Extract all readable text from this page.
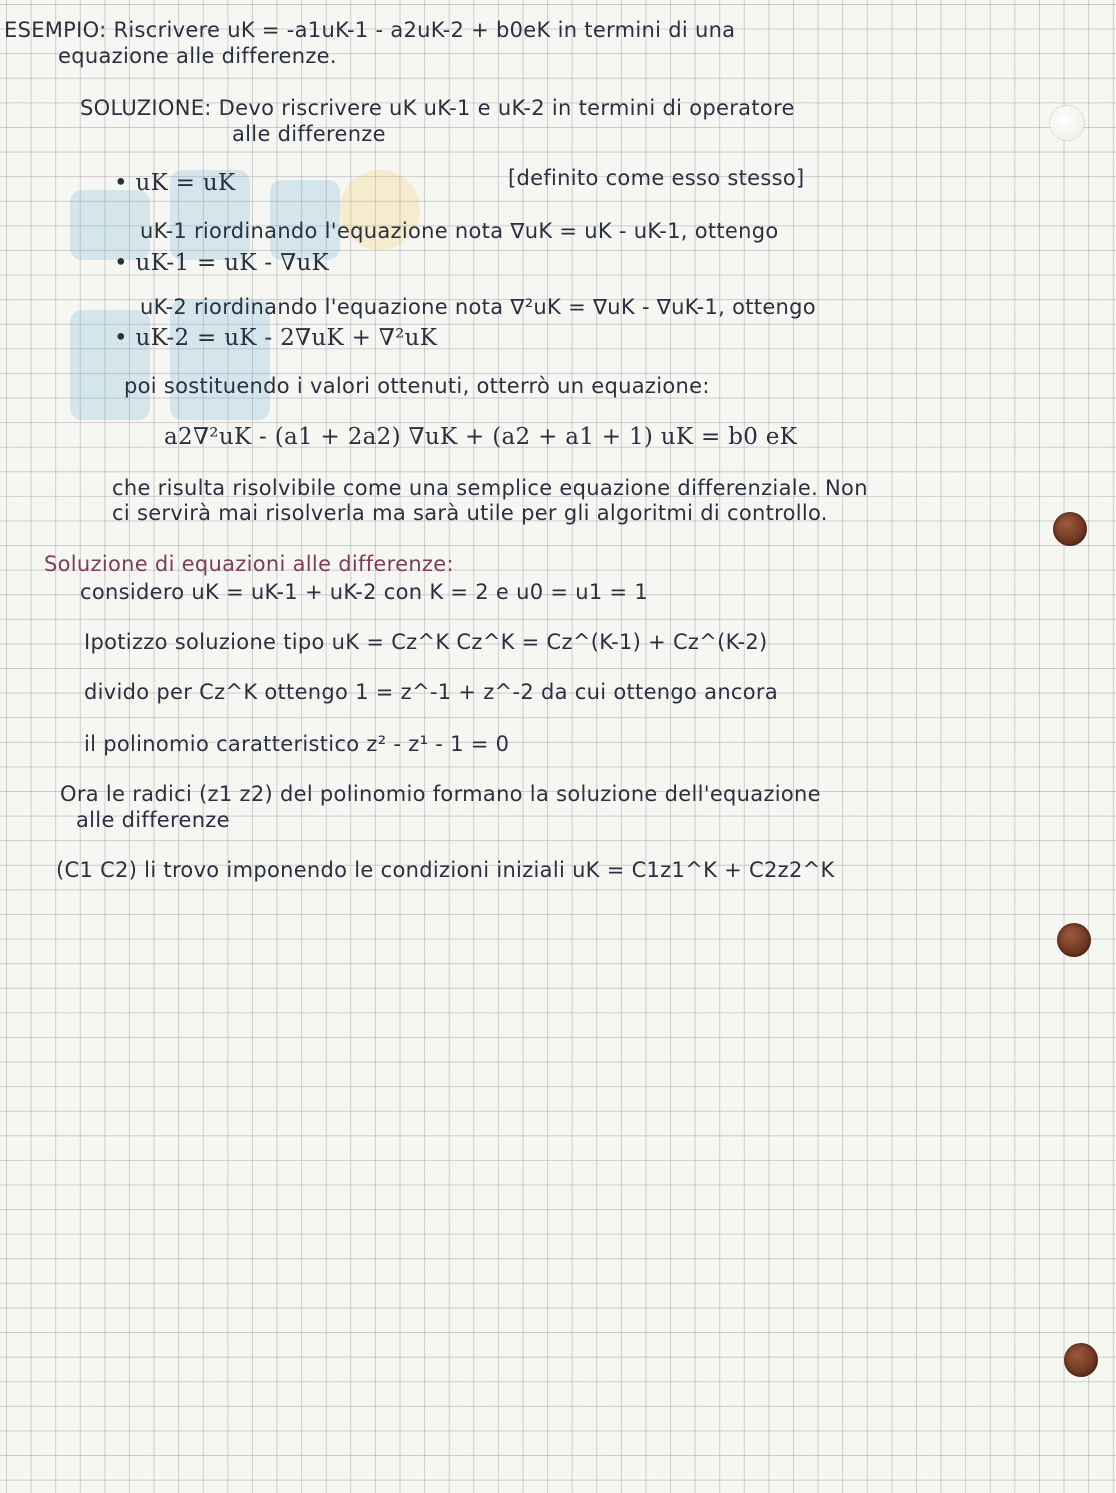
ESEMPIO: Riscrivere uK = -a1uK-1 - a2uK-2 + b0eK in termini di una
equazione alle differenze.
SOLUZIONE: Devo riscrivere uK uK-1 e uK-2 in termini di operatore
alle differenze
• uK = uK	[definito come esso stesso]
uK-1 riordinando l'equazione nota ∇uK = uK - uK-1, ottengo
• uK-1 = uK - ∇uK
uK-2 riordinando l'equazione nota ∇²uK = ∇uK - ∇uK-1, ottengo
• uK-2 = uK - 2∇uK + ∇²uK
poi sostituendo i valori ottenuti, otterrò un equazione:
a2∇²uK - (a1 + 2a2) ∇uK + (a2 + a1 + 1) uK = b0 eK
che risulta risolvibile come una semplice equazione differenziale. Non
ci servirà mai risolverla ma sarà utile per gli algoritmi di controllo.
Soluzione di equazioni alle differenze:
considero uK = uK-1 + uK-2 con K = 2 e u0 = u1 = 1
Ipotizzo soluzione tipo uK = Cz^K Cz^K = Cz^(K-1) + Cz^(K-2)
divido per Cz^K ottengo 1 = z^-1 + z^-2 da cui ottengo ancora
il polinomio caratteristico z² - z¹ - 1 = 0
Ora le radici (z1 z2) del polinomio formano la soluzione dell'equazione
alle differenze
(C1 C2) li trovo imponendo le condizioni iniziali uK = C1z1^K + C2z2^K
